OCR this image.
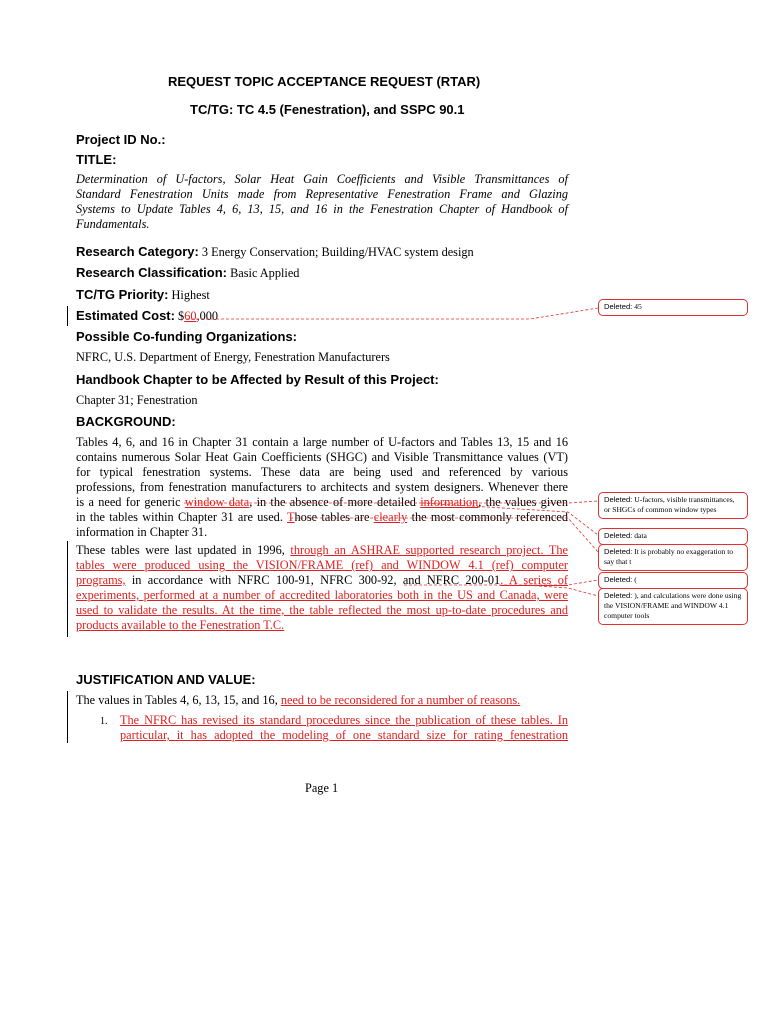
REQUEST TOPIC ACCEPTANCE REQUEST (RTAR)
TC/TG: TC 4.5 (Fenestration), and SSPC 90.1
Project ID No.:
TITLE:
Determination of U-factors, Solar Heat Gain Coefficients and Visible Transmittances of
Standard Fenestration Units made from Representative Fenestration Frame and Glazing
Systems to Update Tables 4, 6, 13, 15, and 16 in the Fenestration Chapter of Handbook of
Fundamentals.
Research Category: 3 Energy Conservation; Building/HVAC system design
Research Classification: Basic Applied
TC/TG Priority: Highest
Estimated Cost: $60,000
Possible Co-funding Organizations:
NFRC, U.S. Department of Energy, Fenestration Manufacturers
Handbook Chapter to be Affected by Result of this Project:
Chapter 31; Fenestration
BACKGROUND:
Tables 4, 6, and 16 in Chapter 31 contain a large number of U-factors and Tables 13, 15 and 16
contains numerous Solar Heat Gain Coefficients (SHGC) and Visible Transmittance values (VT)
for typical fenestration systems. These data are being used and referenced by various
professions, from fenestration manufacturers to architects and system designers. Whenever there
is a need for generic window data, in the absence of more detailed information, the values given
in the tables within Chapter 31 are used. Those tables are clearly the most commonly referenced
information in Chapter 31.
These tables were last updated in 1996, through an ASHRAE supported research project. The
tables were produced using the VISION/FRAME (ref) and WINDOW 4.1 (ref) computer
programs, in accordance with NFRC 100-91, NFRC 300-92, and NFRC 200-01. A series of
experiments, performed at a number of accredited laboratories both in the US and Canada, were
used to validate the results. At the time, the table reflected the most up-to-date procedures and
products available to the Fenestration T.C.
JUSTIFICATION AND VALUE:
The values in Tables 4, 6, 13, 15, and 16, need to be reconsidered for a number of reasons.
1. The NFRC has revised its standard procedures since the publication of these tables. In
particular, it has adopted the modeling of one standard size for rating fenestration
Page 1
Deleted: 45
Deleted: U-factors, visible transmittances, or SHGCs of common window types
Deleted: data
Deleted: It is probably no exaggeration to say that t
Deleted: (
Deleted: ), and calculations were done using the VISION/FRAME and WINDOW 4.1 computer tools
